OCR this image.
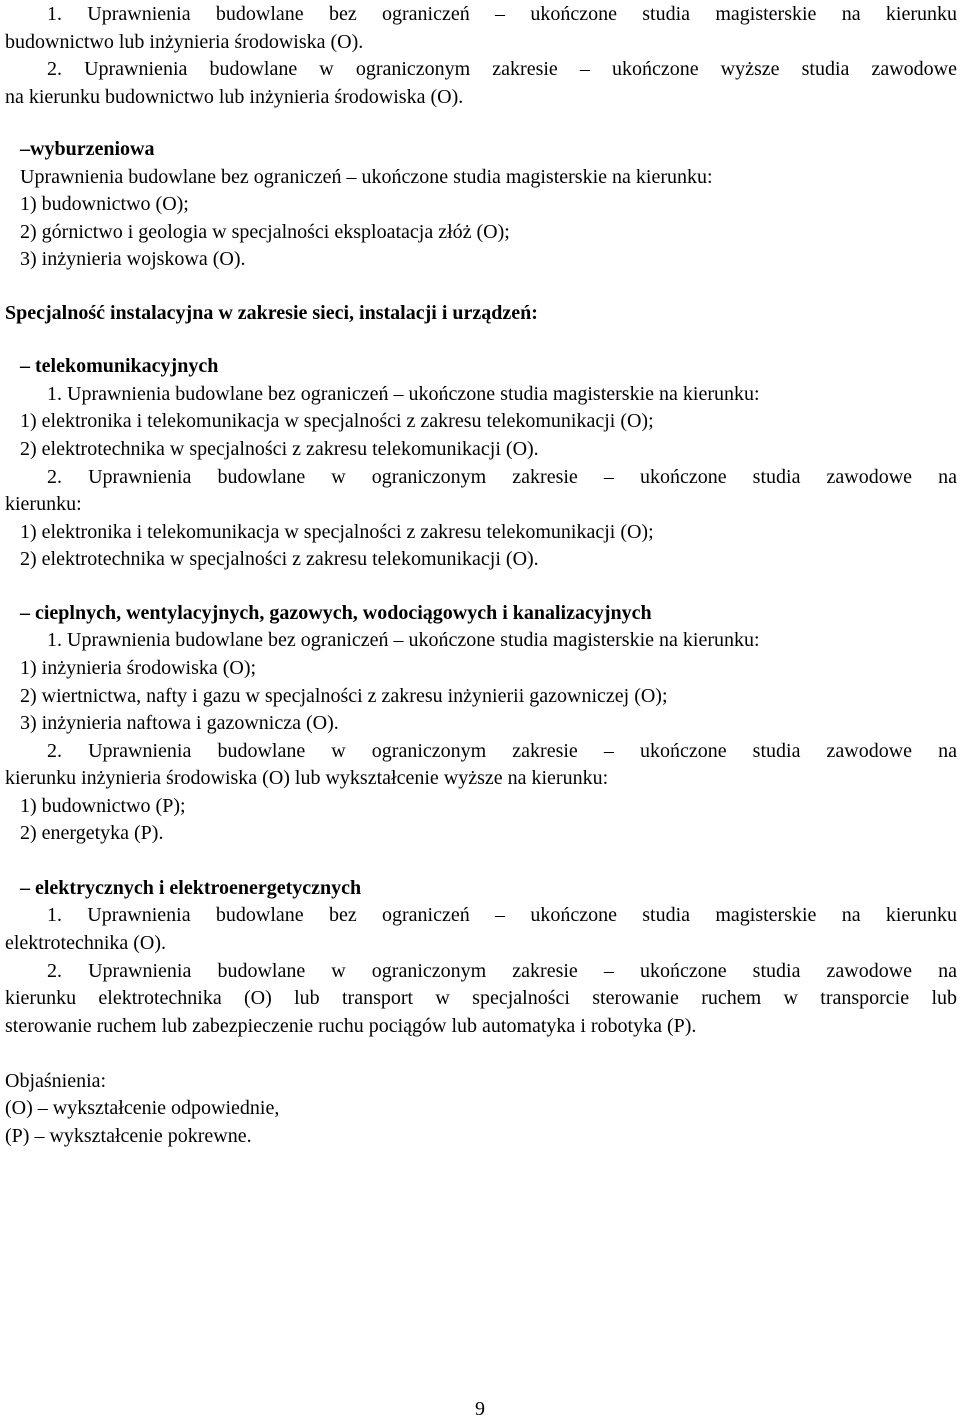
1. Uprawnienia budowlane bez ograniczeń – ukończone studia magisterskie na kierunku
budownictwo lub inżynieria środowiska (O).
2. Uprawnienia budowlane w ograniczonym zakresie – ukończone wyższe studia zawodowe
na kierunku budownictwo lub inżynieria środowiska (O).
–wyburzeniowa
Uprawnienia budowlane bez ograniczeń – ukończone studia magisterskie na kierunku:
1) budownictwo (O);
2) górnictwo i geologia w specjalności eksploatacja złóż (O);
3) inżynieria wojskowa (O).
Specjalność instalacyjna w zakresie sieci, instalacji i urządzeń:
– telekomunikacyjnych
1. Uprawnienia budowlane bez ograniczeń – ukończone studia magisterskie na kierunku:
1) elektronika i telekomunikacja w specjalności z zakresu telekomunikacji (O);
2) elektrotechnika w specjalności z zakresu telekomunikacji (O).
2. Uprawnienia budowlane w ograniczonym zakresie – ukończone studia zawodowe na
kierunku:
1) elektronika i telekomunikacja w specjalności z zakresu telekomunikacji (O);
2) elektrotechnika w specjalności z zakresu telekomunikacji (O).
– cieplnych, wentylacyjnych, gazowych, wodociągowych i kanalizacyjnych
1. Uprawnienia budowlane bez ograniczeń – ukończone studia magisterskie na kierunku:
1) inżynieria środowiska (O);
2) wiertnictwa, nafty i gazu w specjalności z zakresu inżynierii gazowniczej (O);
3) inżynieria naftowa i gazownicza (O).
2. Uprawnienia budowlane w ograniczonym zakresie – ukończone studia zawodowe na
kierunku inżynieria środowiska (O) lub wykształcenie wyższe na kierunku:
1) budownictwo (P);
2) energetyka (P).
– elektrycznych i elektroenergetycznych
1. Uprawnienia budowlane bez ograniczeń – ukończone studia magisterskie na kierunku
elektrotechnika (O).
2. Uprawnienia budowlane w ograniczonym zakresie – ukończone studia zawodowe na
kierunku elektrotechnika (O) lub transport w specjalności sterowanie ruchem w transporcie lub
sterowanie ruchem lub zabezpieczenie ruchu pociągów lub automatyka i robotyka (P).
Objaśnienia:
(O) – wykształcenie odpowiednie,
(P) – wykształcenie pokrewne.
9
